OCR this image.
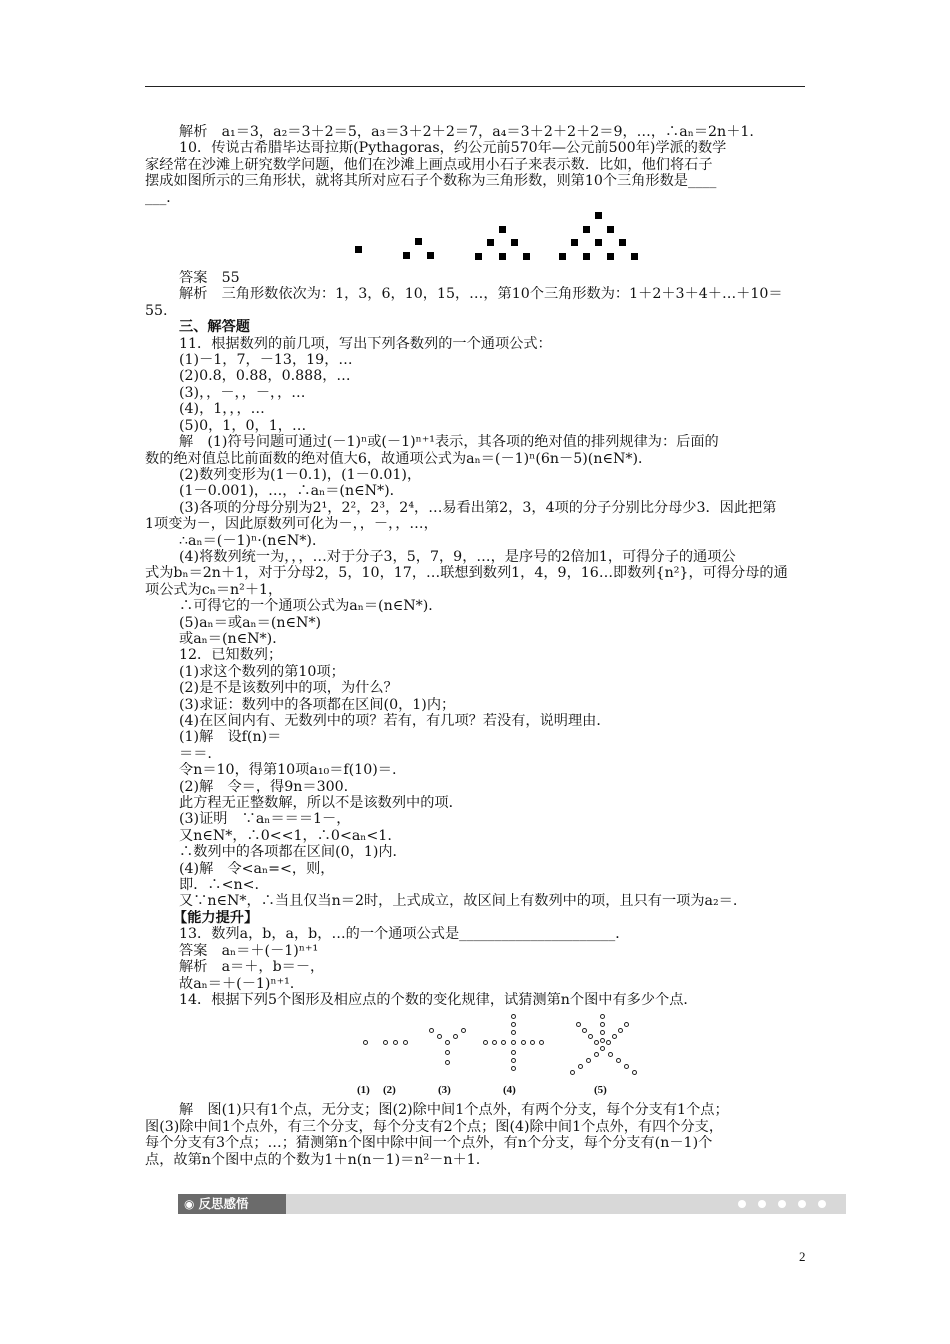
解析　a₁＝3，a₂＝3＋2＝5，a₃＝3＋2＋2＝7，a₄＝3＋2＋2＋2＝9，…，∴aₙ＝2n＋1.
10．传说古希腊毕达哥拉斯(Pythagoras，约公元前570年—公元前500年)学派的数学
家经常在沙滩上研究数学问题，他们在沙滩上画点或用小石子来表示数．比如，他们将石子
摆成如图所示的三角形状，就将其所对应石子个数称为三角形数，则第10个三角形数是____
___．
答案　55
解析　三角形数依次为：1，3，6，10，15，…，第10个三角形数为：1＋2＋3＋4＋…＋10＝
55.
三、解答题
11．根据数列的前几项，写出下列各数列的一个通项公式：
(1)－1，7，－13，19，…
(2)0.8，0.88，0.888，…
(3)，，－，，－，，…
(4)，1，，，…
(5)0，1，0，1，…
解　(1)符号问题可通过(－1)ⁿ或(－1)ⁿ⁺¹表示，其各项的绝对值的排列规律为：后面的
数的绝对值总比前面数的绝对值大6，故通项公式为aₙ＝(－1)ⁿ(6n－5)(n∈N*)．
(2)数列变形为(1－0.1)，(1－0.01)，
(1－0.001)，…，∴aₙ＝(n∈N*)．
(3)各项的分母分别为2¹，2²，2³，2⁴，…易看出第2，3，4项的分子分别比分母少3．因此把第
1项变为－，因此原数列可化为－，，－，，…，
∴aₙ＝(－1)ⁿ·(n∈N*)．
(4)将数列统一为，，，…对于分子3，5，7，9，…，是序号的2倍加1，可得分子的通项公
式为bₙ＝2n＋1，对于分母2，5，10，17，…联想到数列1，4，9，16…即数列{n²}，可得分母的通
项公式为cₙ＝n²＋1，
∴可得它的一个通项公式为aₙ＝(n∈N*)．
(5)aₙ＝或aₙ＝(n∈N*)
或aₙ＝(n∈N*)．
12．已知数列；
(1)求这个数列的第10项；
(2)是不是该数列中的项，为什么？
(3)求证：数列中的各项都在区间(0，1)内；
(4)在区间内有、无数列中的项？若有，有几项？若没有，说明理由．
(1)解　设f(n)＝
＝＝.
令n＝10，得第10项a₁₀＝f(10)＝.
(2)解　令＝，得9n＝300.
此方程无正整数解，所以不是该数列中的项．
(3)证明　∵aₙ＝＝＝1－，
又n∈N*，∴0<<1，∴0<aₙ<1.
∴数列中的各项都在区间(0，1)内．
(4)解　令<aₙ=<，则，
即．∴<n<.
又∵n∈N*，∴当且仅当n＝2时，上式成立，故区间上有数列中的项，且只有一项为a₂＝.
【能力提升】
13．数列a，b，a，b，…的一个通项公式是______________________．
答案　aₙ＝＋(－1)ⁿ⁺¹
解析　a＝＋，b＝－，
故aₙ＝＋(－1)ⁿ⁺¹.
14．根据下列5个图形及相应点的个数的变化规律，试猜测第n个图中有多少个点．
(1) (2)	(3)	(4)	(5)
解　图(1)只有1个点，无分支；图(2)除中间1个点外，有两个分支，每个分支有1个点；
图(3)除中间1个点外，有三个分支，每个分支有2个点；图(4)除中间1个点外，有四个分支，
每个分支有3个点；…；猜测第n个图中除中间一个点外，有n个分支，每个分支有(n－1)个
点，故第n个图中点的个数为1＋n(n－1)＝n²－n＋1.
◉ 反思感悟
2
